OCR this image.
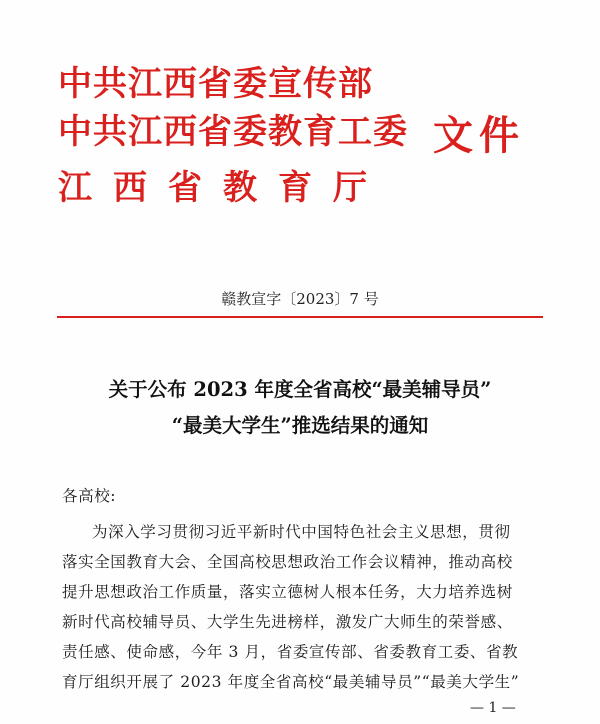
中共江西省委宣传部
中共江西省委教育工委
江西省教育厅
文件
赣教宣字〔2023〕7 号
关于公布 2023 年度全省高校“最美辅导员”
“最美大学生”推选结果的通知
各高校:
为深入学习贯彻习近平新时代中国特色社会主义思想，贯彻
落实全国教育大会、全国高校思想政治工作会议精神，推动高校
提升思想政治工作质量，落实立德树人根本任务，大力培养选树
新时代高校辅导员、大学生先进榜样，激发广大师生的荣誉感、
责任感、使命感，今年 3 月，省委宣传部、省委教育工委、省教
育厅组织开展了 2023 年度全省高校“最美辅导员”“最美大学生”
— 1 —
